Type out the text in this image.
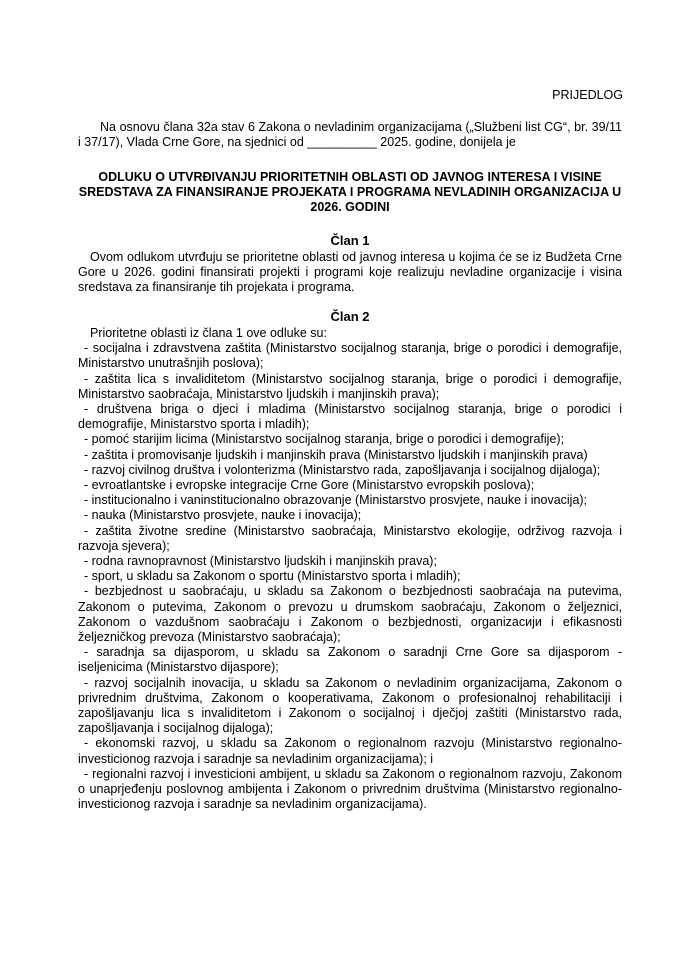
PRIJEDLOG
Na osnovu člana 32a stav 6 Zakona o nevladinim organizacijama („Službeni list CG“, br. 39/11 i 37/17), Vlada Crne Gore, na sjednici od __________ 2025. godine, donijela je
ODLUKU O UTVRĐIVANJU PRIORITETNIH OBLASTI OD JAVNOG INTERESA I VISINE SREDSTAVA ZA FINANSIRANJE PROJEKATA I PROGRAMA NEVLADINIH ORGANIZACIJA U 2026. GODINI
Član 1
Ovom odlukom utvrđuju se prioritetne oblasti od javnog interesa u kojima će se iz Budžeta Crne Gore u 2026. godini finansirati projekti i programi koje realizuju nevladine organizacije i visina sredstava za finansiranje tih projekata i programa.
Član 2
Prioritetne oblasti iz člana 1 ove odluke su:
- socijalna i zdravstvena zaštita (Ministarstvo socijalnog staranja, brige o porodici i demografije, Ministarstvo unutrašnjih poslova);
- zaštita lica s invaliditetom (Ministarstvo socijalnog staranja, brige o porodici i demografije, Ministarstvo saobraćaja, Ministarstvo ljudskih i manjinskih prava);
- društvena briga o djeci i mladima (Ministarstvo socijalnog staranja, brige o porodici i demografije, Ministarstvo sporta i mladih);
- pomoć starijim licima (Ministarstvo socijalnog staranja, brige o porodici i demografije);
- zaštita i promovisanje ljudskih i manjinskih prava (Ministarstvo ljudskih i manjinskih prava)
- razvoj civilnog društva i volonterizma (Ministarstvo rada, zapošljavanja i socijalnog dijaloga);
- evroatlantske i evropske integracije Crne Gore (Ministarstvo evropskih poslova);
- institucionalno i vaninstitucionalno obrazovanje (Ministarstvo prosvjete, nauke i inovacija);
- nauka (Ministarstvo prosvjete, nauke i inovacija);
- zaštita životne sredine (Ministarstvo saobraćaja, Ministarstvo ekologije, održivog razvoja i razvoja sjevera);
- rodna ravnopravnost (Ministarstvo ljudskih i manjinskih prava);
- sport, u skladu sa Zakonom o sportu (Ministarstvo sporta i mladih);
- bezbjednost u saobraćaju, u skladu sa Zakonom o bezbjednosti saobraćaja na putevima, Zakonom o putevima, Zakonom o prevozu u drumskom saobraćaju, Zakonom o željeznici, Zakonom o vazdušnom saobraćaju i Zakonom o bezbjednosti, organizacији i efikasnosti željezničkog prevoza (Ministarstvo saobraćaja);
- saradnja sa dijasporom, u skladu sa Zakonom o saradnji Crne Gore sa dijasporom - iseljenicima (Ministarstvo dijaspore);
- razvoj socijalnih inovacija, u skladu sa Zakonom o nevladinim organizacijama, Zakonom o privrednim društvima, Zakonom o kooperativama, Zakonom o profesionalnoj rehabilitaciji i zapošljavanju lica s invaliditetom i Zakonom o socijalnoj i dječjoj zaštiti (Ministarstvo rada, zapošljavanja i socijalnog dijaloga);
- ekonomski razvoj, u skladu sa Zakonom o regionalnom razvoju (Ministarstvo regionalno-investicionog razvoja i saradnje sa nevladinim organizacijama); i
- regionalni razvoj i investicioni ambijent, u skladu sa Zakonom o regionalnom razvoju, Zakonom o unaprjeđenju poslovnog ambijenta i Zakonom o privrednim društvima (Ministarstvo regionalno-investicionog razvoja i saradnje sa nevladinim organizacijama).
